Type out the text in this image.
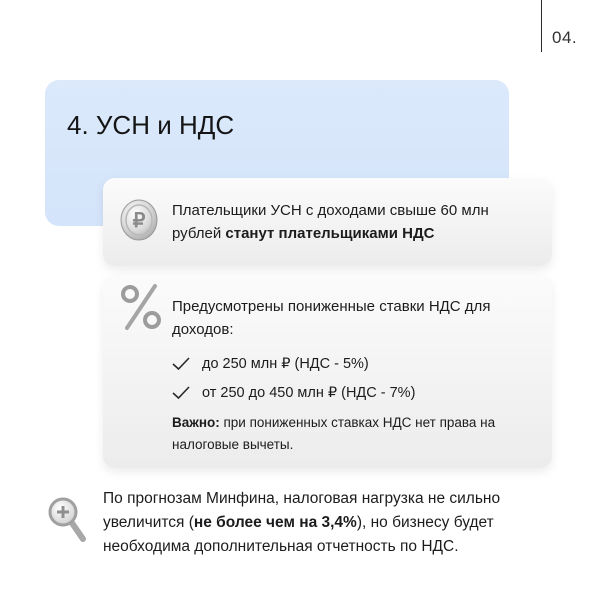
04.
4. УСН и НДС
₽ Плательщики УСН с доходами свыше 60 млн рублей станут плательщиками НДС
Предусмотрены пониженные ставки НДС для доходов:
до 250 млн ₽ (НДС - 5%)
от 250 до 450 млн ₽ (НДС - 7%)
Важно: при пониженных ставках НДС нет права на налоговые вычеты.
По прогнозам Минфина, налоговая нагрузка не сильно увеличится (не более чем на 3,4%), но бизнесу будет необходима дополнительная отчетность по НДС.
